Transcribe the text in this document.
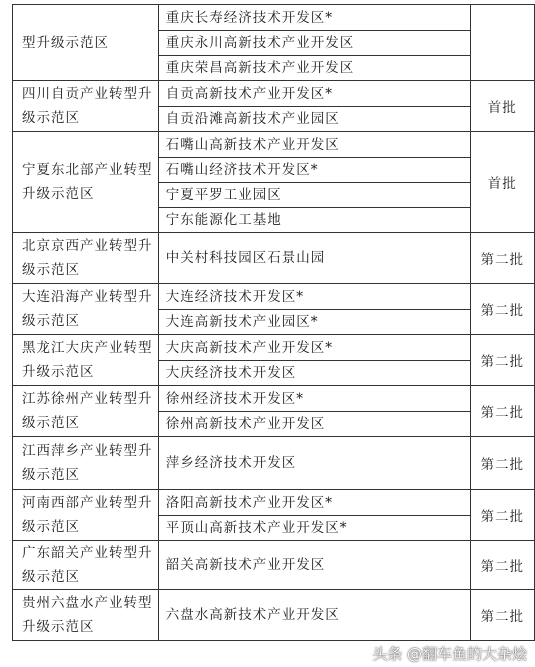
型升级示范区	重庆长寿经济技术开发区*	
	重庆永川高新技术产业开发区	
	重庆荣昌高新技术产业开发区	
四川自贡产业转型升级示范区	自贡高新技术产业开发区*	首批
	自贡沿滩高新技术产业园区	
宁夏东北部产业转型升级示范区	石嘴山高新技术产业开发区	首批
	石嘴山经济技术开发区*	
	宁夏平罗工业园区	
	宁东能源化工基地	
北京京西产业转型升级示范区	中关村科技园区石景山园	第二批
大连沿海产业转型升级示范区	大连经济技术开发区*	第二批
	大连高新技术产业园区*	
黑龙江大庆产业转型升级示范区	大庆高新技术产业开发区*	第二批
	大庆经济技术开发区	
江苏徐州产业转型升级示范区	徐州经济技术开发区*	第二批
	徐州高新技术产业开发区	
江西萍乡产业转型升级示范区	萍乡经济技术开发区	第二批
河南西部产业转型升级示范区	洛阳高新技术产业开发区*	第二批
	平顶山高新技术产业开发区*	
广东韶关产业转型升级示范区	韶关高新技术产业开发区	第二批
贵州六盘水产业转型升级示范区	六盘水高新技术产业开发区	第二批
头条 @翻车鱼的大杂烩
